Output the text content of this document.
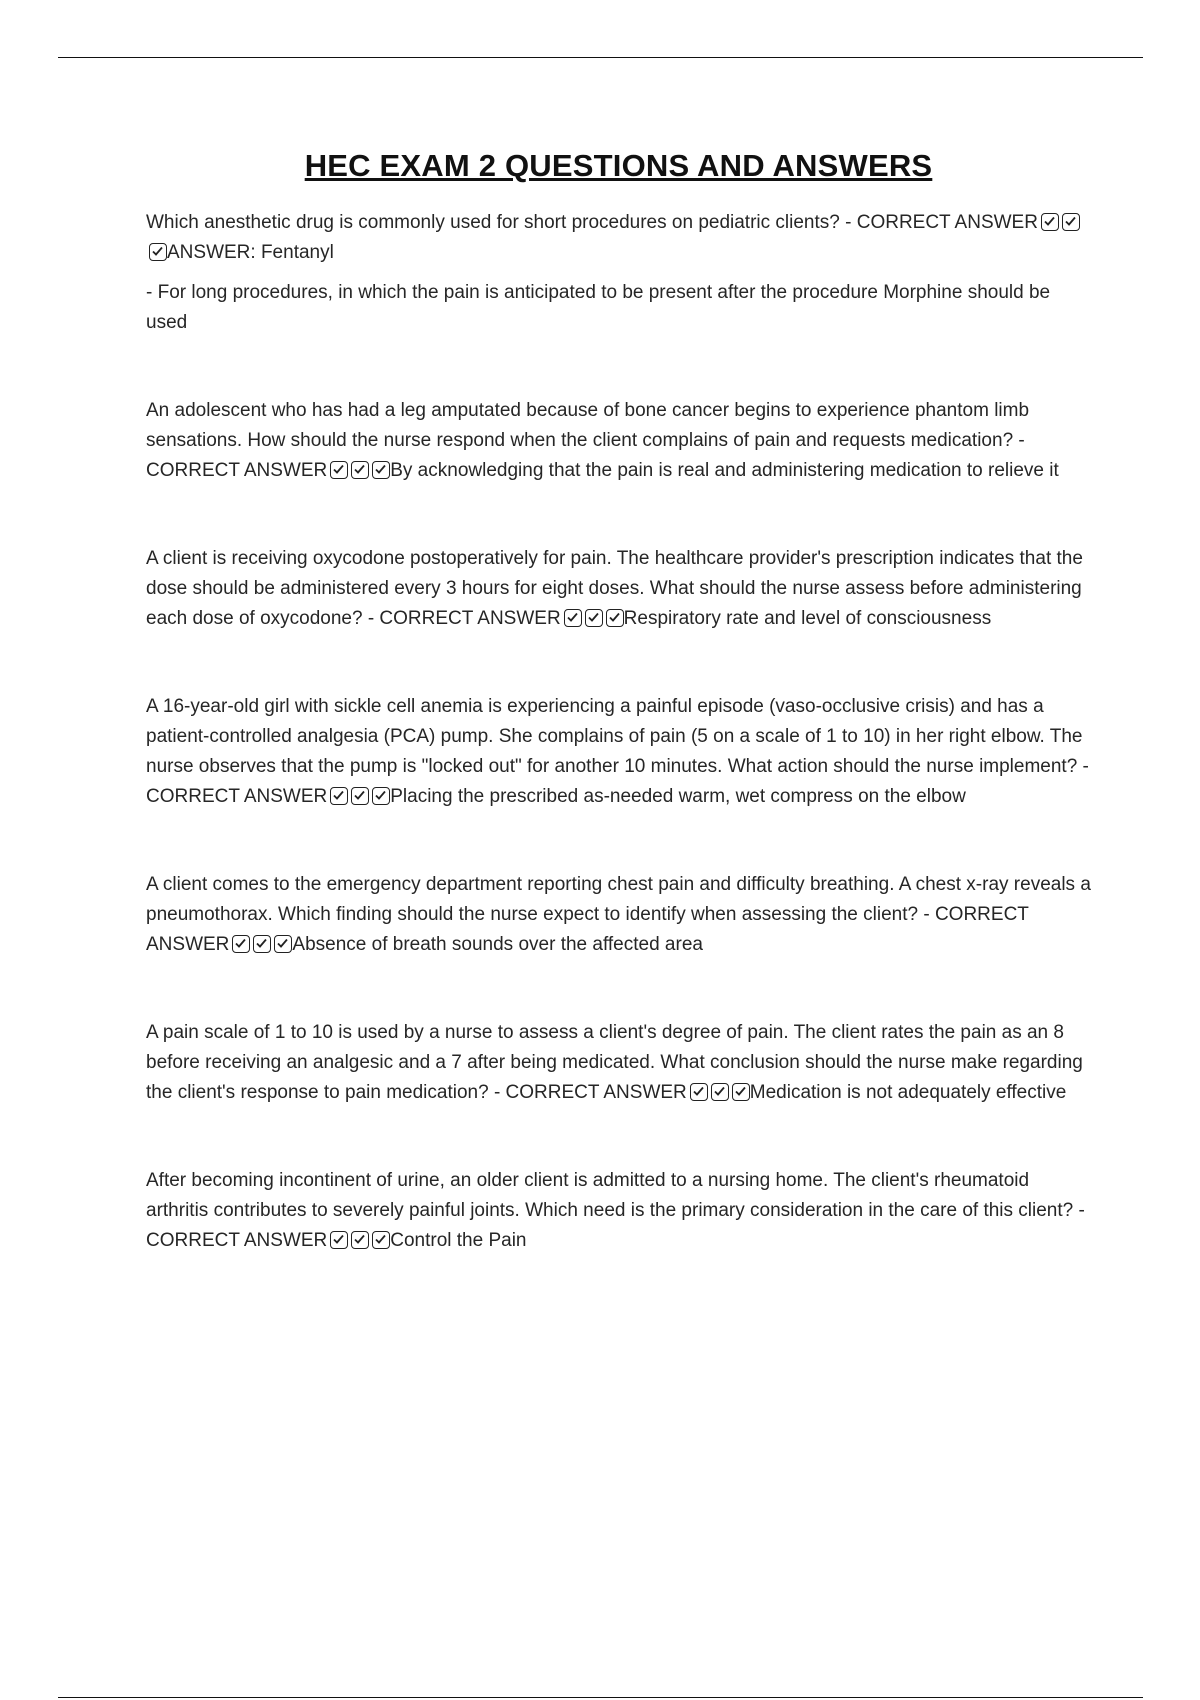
HEC EXAM 2 QUESTIONS AND ANSWERS

Which anesthetic drug is commonly used for short procedures on pediatric clients? - CORRECT ANSWER
ANSWER: Fentanyl

- For long procedures, in which the pain is anticipated to be present after the procedure Morphine should be used

An adolescent who has had a leg amputated because of bone cancer begins to experience phantom limb sensations. How should the nurse respond when the client complains of pain and requests medication? - CORRECT ANSWER	By acknowledging that the pain is real and administering medication to relieve it

A client is receiving oxycodone postoperatively for pain. The healthcare provider's prescription indicates that the dose should be administered every 3 hours for eight doses. What should the nurse assess before administering each dose of oxycodone? - CORRECT ANSWER	Respiratory rate and level of consciousness

A 16-year-old girl with sickle cell anemia is experiencing a painful episode (vaso-occlusive crisis) and has a patient-controlled analgesia (PCA) pump. She complains of pain (5 on a scale of 1 to 10) in her right elbow. The nurse observes that the pump is "locked out" for another 10 minutes. What action should the nurse implement? - CORRECT ANSWER	Placing the prescribed as-needed warm, wet compress on the elbow

A client comes to the emergency department reporting chest pain and difficulty breathing. A chest x-ray reveals a pneumothorax. Which finding should the nurse expect to identify when assessing the client? - CORRECT ANSWER	Absence of breath sounds over the affected area

A pain scale of 1 to 10 is used by a nurse to assess a client's degree of pain. The client rates the pain as an 8 before receiving an analgesic and a 7 after being medicated. What conclusion should the nurse make regarding the client's response to pain medication? - CORRECT ANSWER	Medication is not adequately effective

After becoming incontinent of urine, an older client is admitted to a nursing home. The client's rheumatoid arthritis contributes to severely painful joints. Which need is the primary consideration in the care of this client? - CORRECT ANSWER	Control the Pain
